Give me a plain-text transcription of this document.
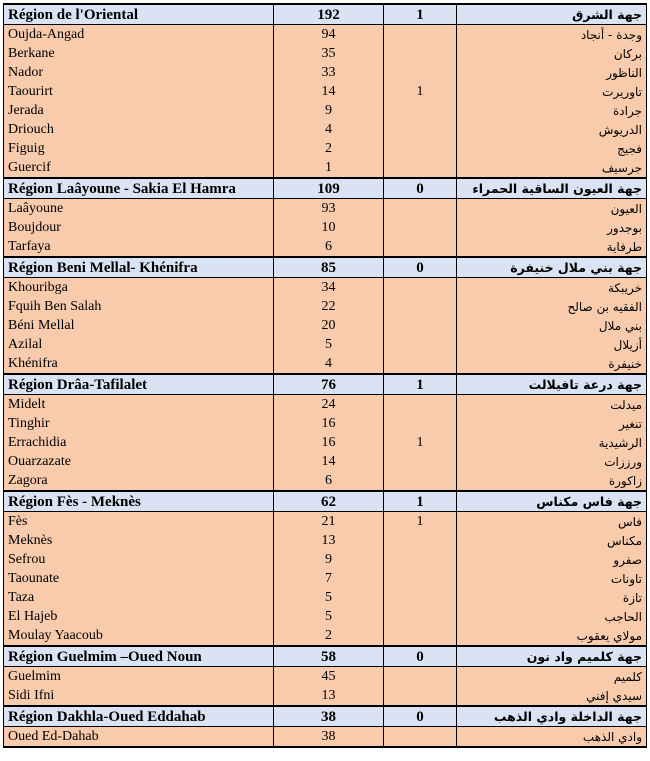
Région de l'Oriental	192	1	جهة الشرق
Oujda-Angad	94		وجدة - أنجاد
Berkane	35		بركان
Nador	33		الناظور
Taourirt	14	1	تاوريرت
Jerada	9		جرادة
Driouch	4		الدريوش
Figuig	2		فجيج
Guercif	1		جرسيف
Région Laâyoune - Sakia El Hamra	109	0	جهة العيون الساقية الحمراء
Laâyoune	93		العيون
Boujdour	10		بوجدور
Tarfaya	6		طرفاية
Région Beni Mellal- Khénifra	85	0	جهة بني ملال خنيفرة
Khouribga	34		خريبكة
Fquih Ben Salah	22		الفقيه بن صالح
Béni Mellal	20		بني ملال
Azilal	5		أزيلال
Khénifra	4		خنيفرة
Région Drâa-Tafilalet	76	1	جهة درعة تافيلالت
Midelt	24		ميدلت
Tinghir	16		تنغير
Errachidia	16	1	الرشيدية
Ouarzazate	14		ورززات
Zagora	6		زاكورة
Région Fès - Meknès	62	1	جهة فاس مكناس
Fès	21	1	فاس
Meknès	13		مكناس
Sefrou	9		صفرو
Taounate	7		تاونات
Taza	5		تازة
El Hajeb	5		الحاجب
Moulay Yaacoub	2		مولاي يعقوب
Région Guelmim –Oued Noun	58	0	جهة كلميم واد نون
Guelmim	45		كلميم
Sidi Ifni	13		سيدي إفني
Région Dakhla-Oued Eddahab	38	0	جهة الداخلة وادي الذهب
Oued Ed-Dahab	38		وادي الذهب
